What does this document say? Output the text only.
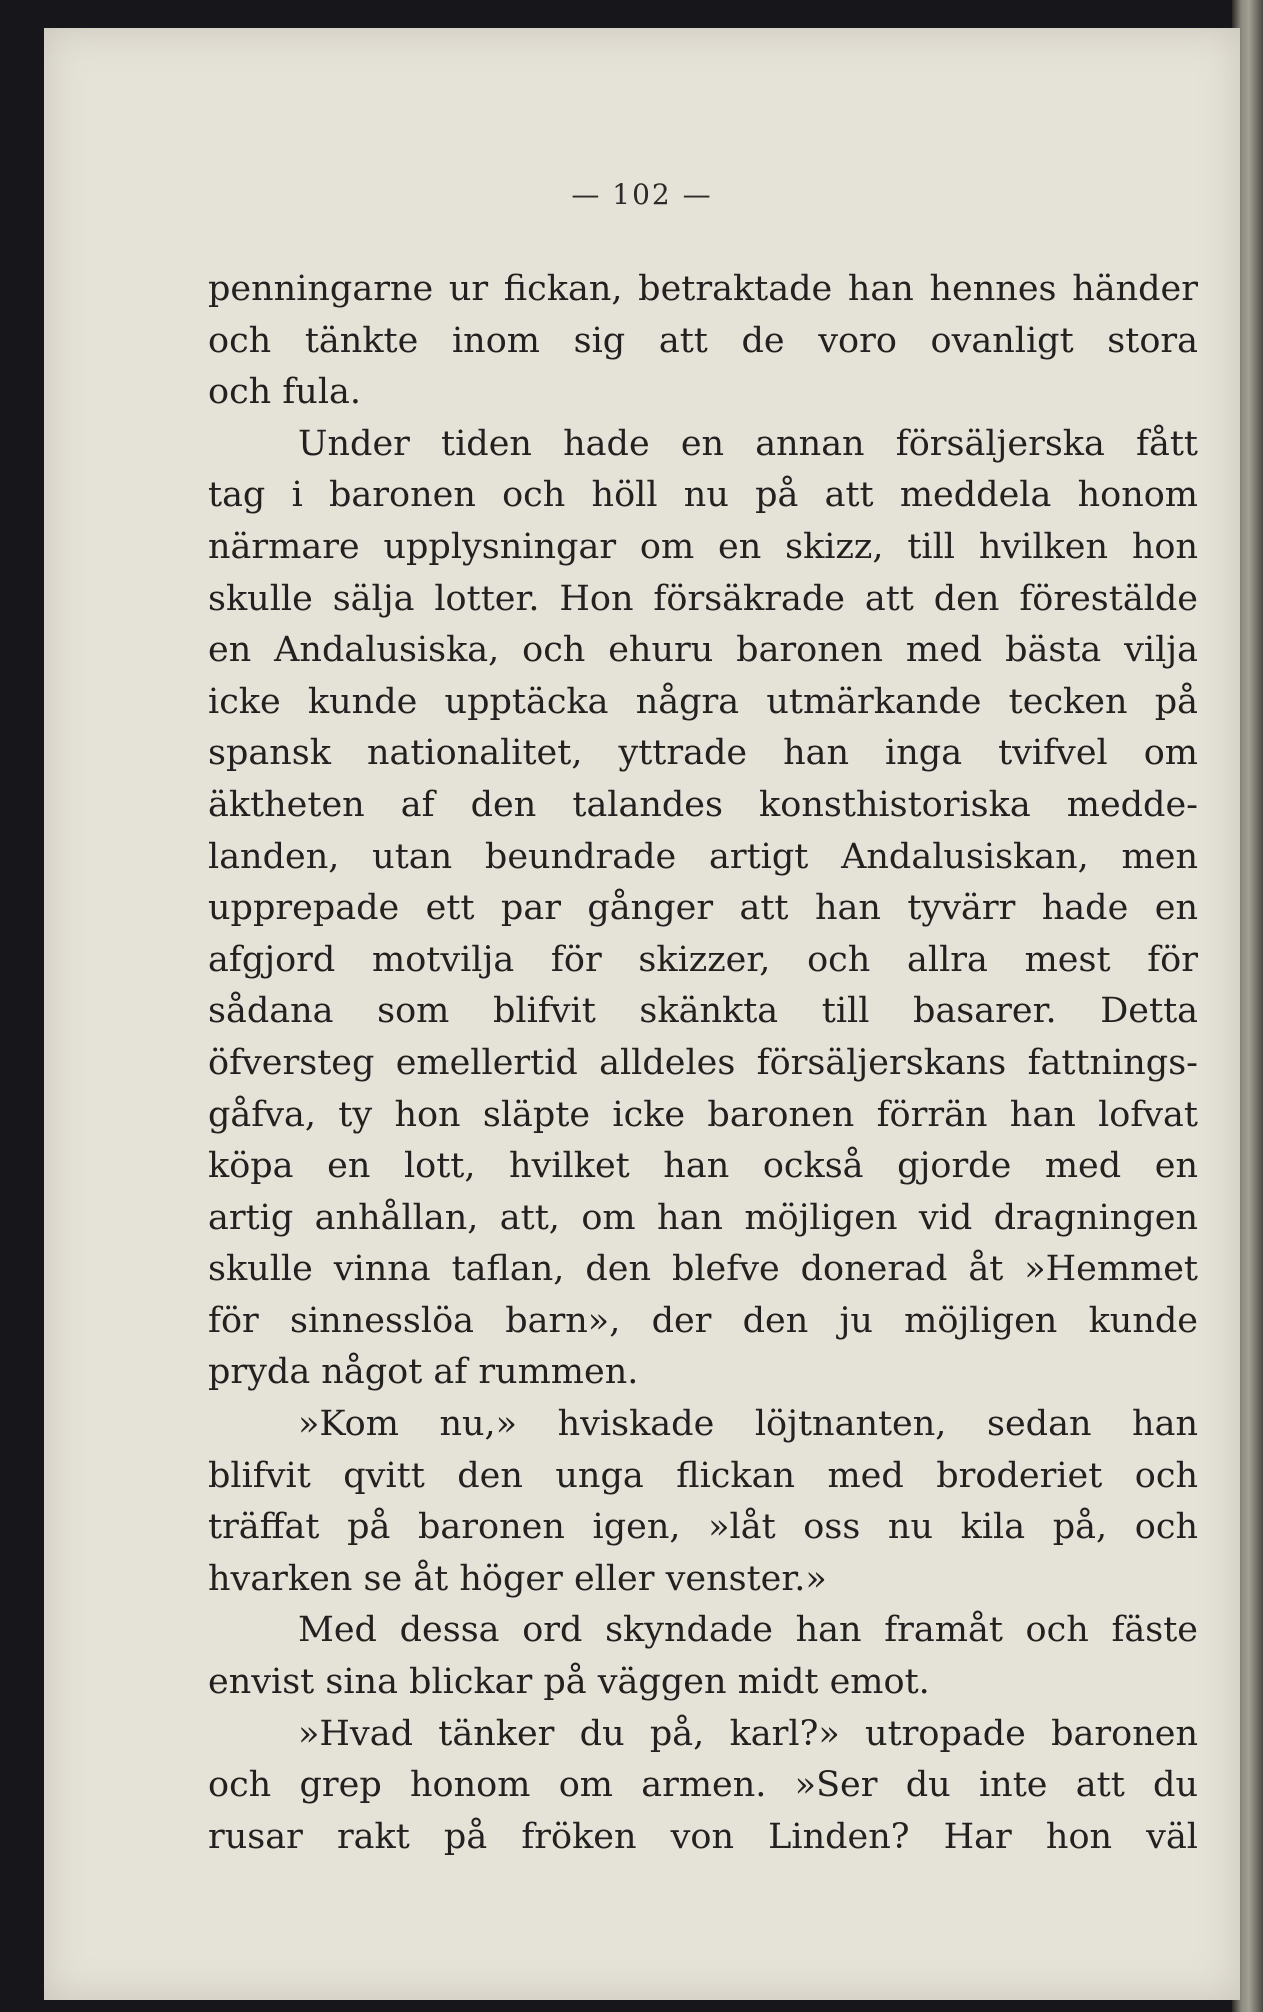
— 102 —
penningarne ur fickan, betraktade han hennes händer
och tänkte inom sig att de voro ovanligt stora
och fula.
Under tiden hade en annan försäljerska fått
tag i baronen och höll nu på att meddela honom
närmare upplysningar om en skizz, till hvilken hon
skulle sälja lotter. Hon försäkrade att den förestälde
en Andalusiska, och ehuru baronen med bästa vilja
icke kunde upptäcka några utmärkande tecken på
spansk nationalitet, yttrade han inga tvifvel om
äktheten af den talandes konsthistoriska medde-
landen, utan beundrade artigt Andalusiskan, men
upprepade ett par gånger att han tyvärr hade en
afgjord motvilja för skizzer, och allra mest för
sådana som blifvit skänkta till basarer. Detta
öfversteg emellertid alldeles försäljerskans fattnings-
gåfva, ty hon släpte icke baronen förrän han lofvat
köpa en lott, hvilket han också gjorde med en
artig anhållan, att, om han möjligen vid dragningen
skulle vinna taflan, den blefve donerad åt »Hemmet
för sinnesslöa barn», der den ju möjligen kunde
pryda något af rummen.
»Kom nu,» hviskade löjtnanten, sedan han
blifvit qvitt den unga flickan med broderiet och
träffat på baronen igen, »låt oss nu kila på, och
hvarken se åt höger eller venster.»
Med dessa ord skyndade han framåt och fäste
envist sina blickar på väggen midt emot.
»Hvad tänker du på, karl?» utropade baronen
och grep honom om armen. »Ser du inte att du
rusar rakt på fröken von Linden? Har hon väl
